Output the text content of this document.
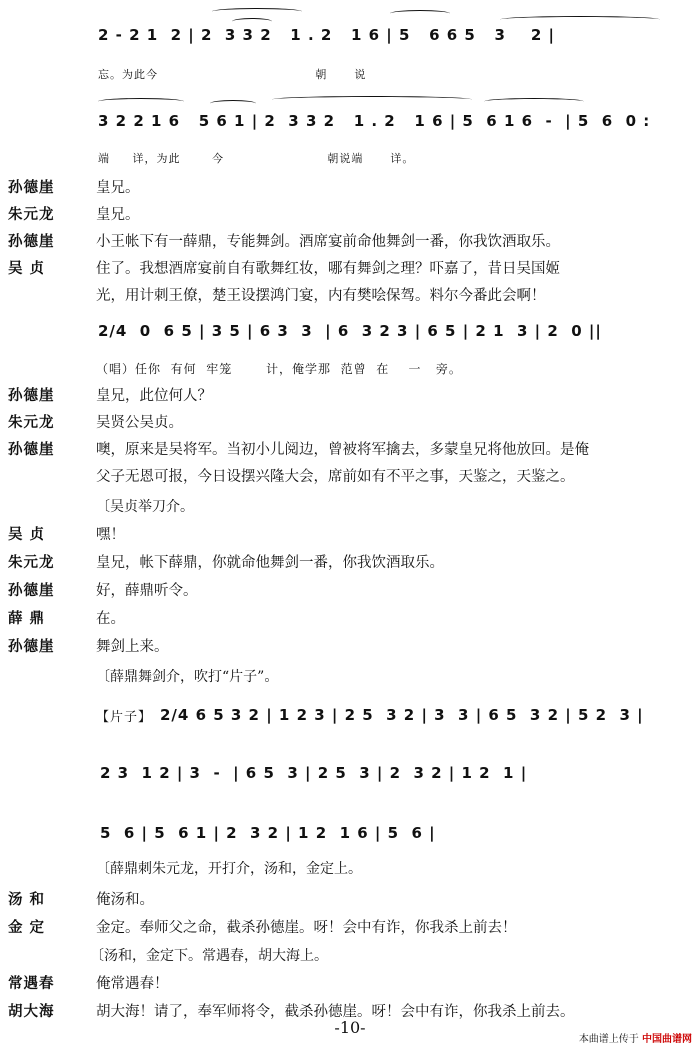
2 - 2 1  2 | 2  3 3 2   1 . 2   1 6 | 5   6 6 5   3    2 |
忘。为此今                                   朝      说
3 2 2 1 6   5 6 1 | 2  3 3 2   1 . 2   1 6 | 5  6 1 6  -  | 5  6  0 :
端     详，为此       今                       朝说端      详。
孙德崖	皇兄。
朱元龙	皇兄。
孙德崖	小王帐下有一薛鼎，专能舞剑。酒席宴前命他舞剑一番，你我饮酒取乐。
吴 贞	住了。我想酒席宴前自有歌舞红妆，哪有舞剑之理？吓嘉了，昔日吴国姬
光，用计刺王僚，楚王设摆鸿门宴，内有樊哙保驾。料尔今番此会啊！
2/4  0  6 5 | 3 5 | 6 3  3  | 6  3 2 3 | 6 5 | 2 1  3 | 2  0 ||
（唱）任你  有何  牢笼       计，俺学那  范曾  在    一   旁。
孙德崖	皇兄，此位何人？
朱元龙	吴贤公吴贞。
孙德崖	噢，原来是吴将军。当初小儿阅边，曾被将军擒去，多蒙皇兄将他放回。是俺
父子无恩可报，今日设摆兴隆大会，席前如有不平之事，天鉴之，天鉴之。
〔吴贞举刀介。
吴 贞	嘿！
朱元龙	皇兄，帐下薛鼎，你就命他舞剑一番，你我饮酒取乐。
孙德崖	好，薛鼎听令。
薛 鼎	在。
孙德崖	舞剑上来。
〔薛鼎舞剑介，吹打“片子”。
【片子】 2/4 6 5 3 2 | 1 2 3 | 2 5  3 2 | 3  3 | 6 5  3 2 | 5 2  3 |
2 3  1 2 | 3  -  | 6 5  3 | 2 5  3 | 2  3 2 | 1 2  1 |
5  6 | 5  6 1 | 2  3 2 | 1 2  1 6 | 5  6 |
〔薛鼎刺朱元龙，开打介，汤和，金定上。
汤 和	俺汤和。
金 定	金定。奉师父之命，截杀孙德崖。呀！会中有诈，你我杀上前去！
〔汤和，金定下。常遇春，胡大海上。
常遇春	俺常遇春！
胡大海	胡大海！请了，奉军师将令，截杀孙德崖。呀！会中有诈，你我杀上前去。
-10-
本曲谱上传于 中国曲谱网
